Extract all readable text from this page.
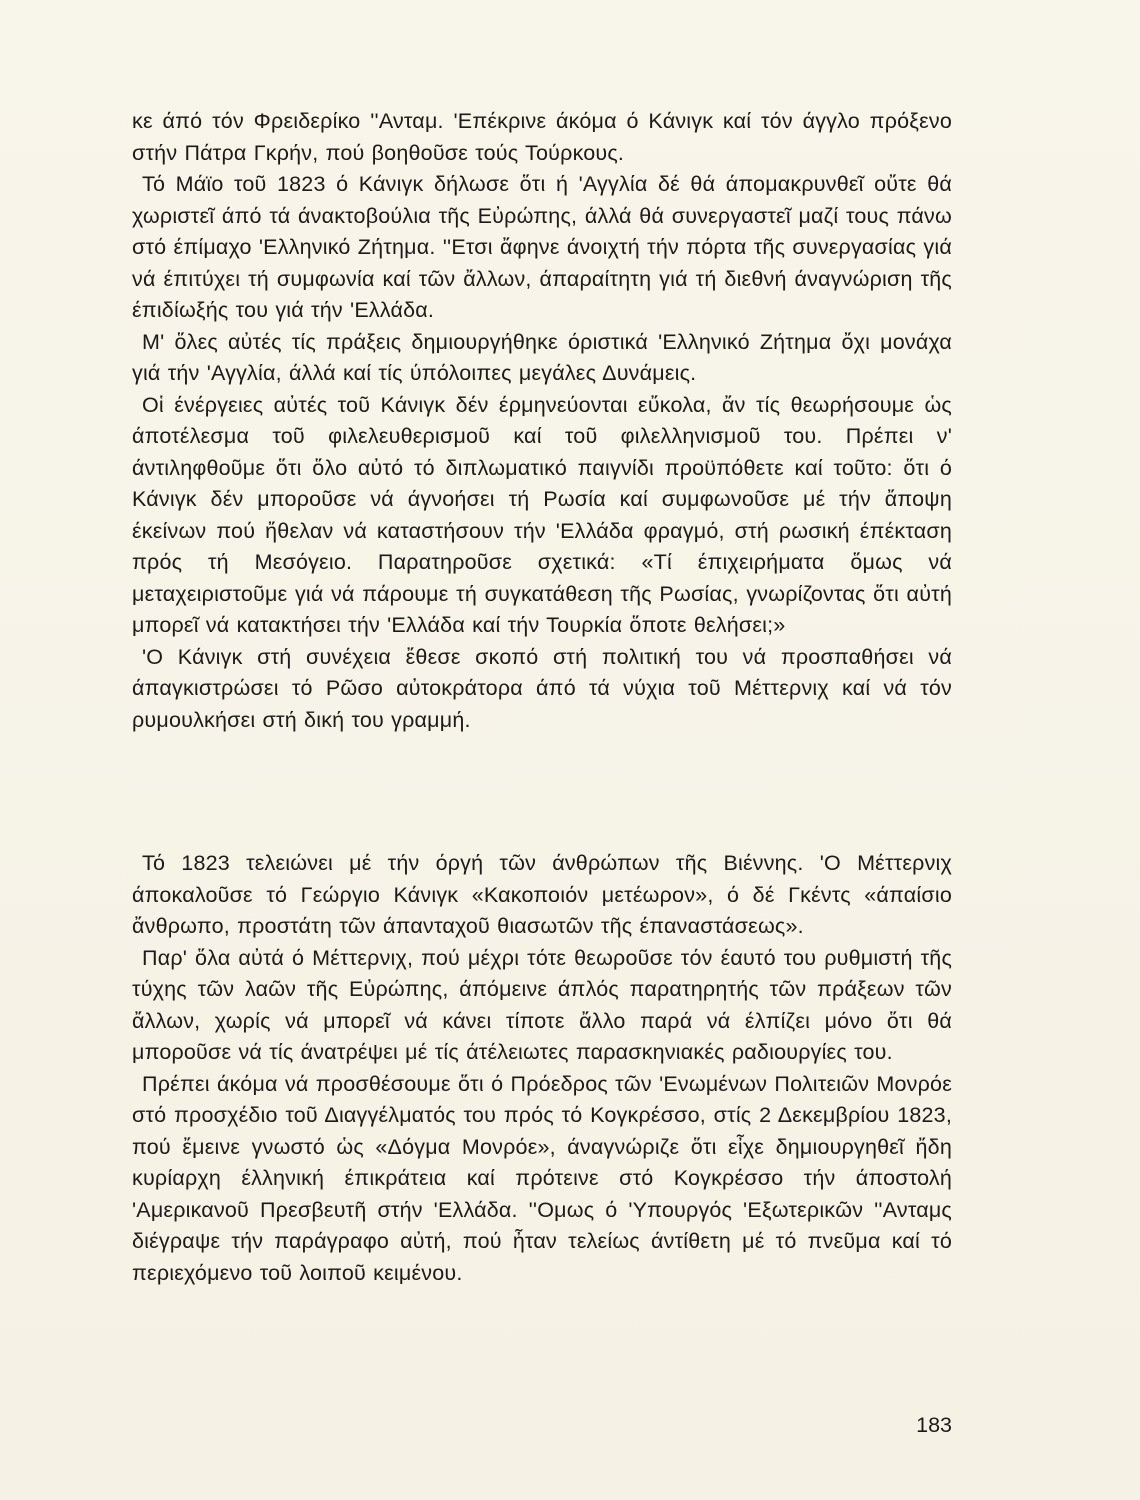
κε άπό τόν Φρειδερίκο ''Ανταμ. 'Επέκρινε άκόμα ό Κάνιγκ καί τόν άγγλο πρόξενο στήν Πάτρα Γκρήν, πού βοηθοῦσε τούς Τούρκους.

Τό Μάϊο τοῦ 1823 ό Κάνιγκ δήλωσε ὅτι ή 'Αγγλία δέ θά άπομακρυνθεῖ οὔτε θά χωριστεῖ άπό τά άνακτοβούλια τῆς Εὐρώπης, άλλά θά συνεργαστεῖ μαζί τους πάνω στό έπίμαχο 'Ελληνικό Ζήτημα. ''Ετσι ἄφηνε άνοιχτή τήν πόρτα τῆς συνεργασίας γιά νά έπιτύχει τή συμφωνία καί τῶν ἄλλων, άπαραίτητη γιά τή διεθνή άναγνώριση τῆς έπιδίωξής του γιά τήν 'Ελλάδα.

Μ' ὅλες αὐτές τίς πράξεις δημιουργήθηκε όριστικά 'Ελληνικό Ζήτημα ὄχι μονάχα γιά τήν 'Αγγλία, άλλά καί τίς ύπόλοιπες μεγάλες Δυνάμεις.

Οἱ ένέργειες αὐτές τοῦ Κάνιγκ δέν έρμηνεύονται εὔκολα, ἄν τίς θεωρήσουμε ὡς άποτέλεσμα τοῦ φιλελευθερισμοῦ καί τοῦ φιλελληνισμοῦ του. Πρέπει ν' άντιληφθοῦμε ὅτι ὅλο αὐτό τό διπλωματικό παιγνίδι προϋπόθετε καί τοῦτο: ὅτι ό Κάνιγκ δέν μποροῦσε νά άγνοήσει τή Ρωσία καί συμφωνοῦσε μέ τήν ἄποψη έκείνων πού ἤθελαν νά καταστήσουν τήν 'Ελλάδα φραγμό, στή ρωσική έπέκταση πρός τή Μεσόγειο. Παρατηροῦσε σχετικά: «Τί έπιχειρήματα ὅμως νά μεταχειριστοῦμε γιά νά πάρουμε τή συγκατάθεση τῆς Ρωσίας, γνωρίζοντας ὅτι αὐτή μπορεῖ νά κατακτήσει τήν 'Ελλάδα καί τήν Τουρκία ὅποτε θελήσει;»

'Ο Κάνιγκ στή συνέχεια ἔθεσε σκοπό στή πολιτική του νά προσπαθήσει νά άπαγκιστρώσει τό Ρῶσο αὐτοκράτορα άπό τά νύχια τοῦ Μέττερνιχ καί νά τόν ρυμουλκήσει στή δική του γραμμή.

Τό 1823 τελειώνει μέ τήν όργή τῶν άνθρώπων τῆς Βιέννης. 'Ο Μέττερνιχ άποκαλοῦσε τό Γεώργιο Κάνιγκ «Κακοποιόν μετέωρον», ό δέ Γκέντς «άπαίσιο ἄνθρωπο, προστάτη τῶν άπανταχοῦ θιασωτῶν τῆς έπαναστάσεως».

Παρ' ὅλα αὐτά ό Μέττερνιχ, πού μέχρι τότε θεωροῦσε τόν έαυτό του ρυθμιστή τῆς τύχης τῶν λαῶν τῆς Εὐρώπης, άπόμεινε άπλός παρατηρητής τῶν πράξεων τῶν ἄλλων, χωρίς νά μπορεῖ νά κάνει τίποτε ἄλλο παρά νά έλπίζει μόνο ὅτι θά μποροῦσε νά τίς άνατρέψει μέ τίς άτέλειωτες παρασκηνιακές ραδιουργίες του.

Πρέπει άκόμα νά προσθέσουμε ὅτι ό Πρόεδρος τῶν 'Ενωμένων Πολιτειῶν Μονρόε στό προσχέδιο τοῦ Διαγγέλματός του πρός τό Κογκρέσσο, στίς 2 Δεκεμβρίου 1823, πού ἔμεινε γνωστό ὡς «Δόγμα Μονρόε», άναγνώριζε ὅτι εἶχε δημιουργηθεῖ ἤδη κυρίαρχη έλληνική έπικράτεια καί πρότεινε στό Κογκρέσσο τήν άποστολή 'Αμερικανοῦ Πρεσβευτῆ στήν 'Ελλάδα. ''Ομως ό 'Υπουργός 'Εξωτερικῶν ''Ανταμς διέγραψε τήν παράγραφο αὐτή, πού ἦταν τελείως άντίθετη μέ τό πνεῦμα καί τό περιεχόμενο τοῦ λοιποῦ κειμένου.

183
